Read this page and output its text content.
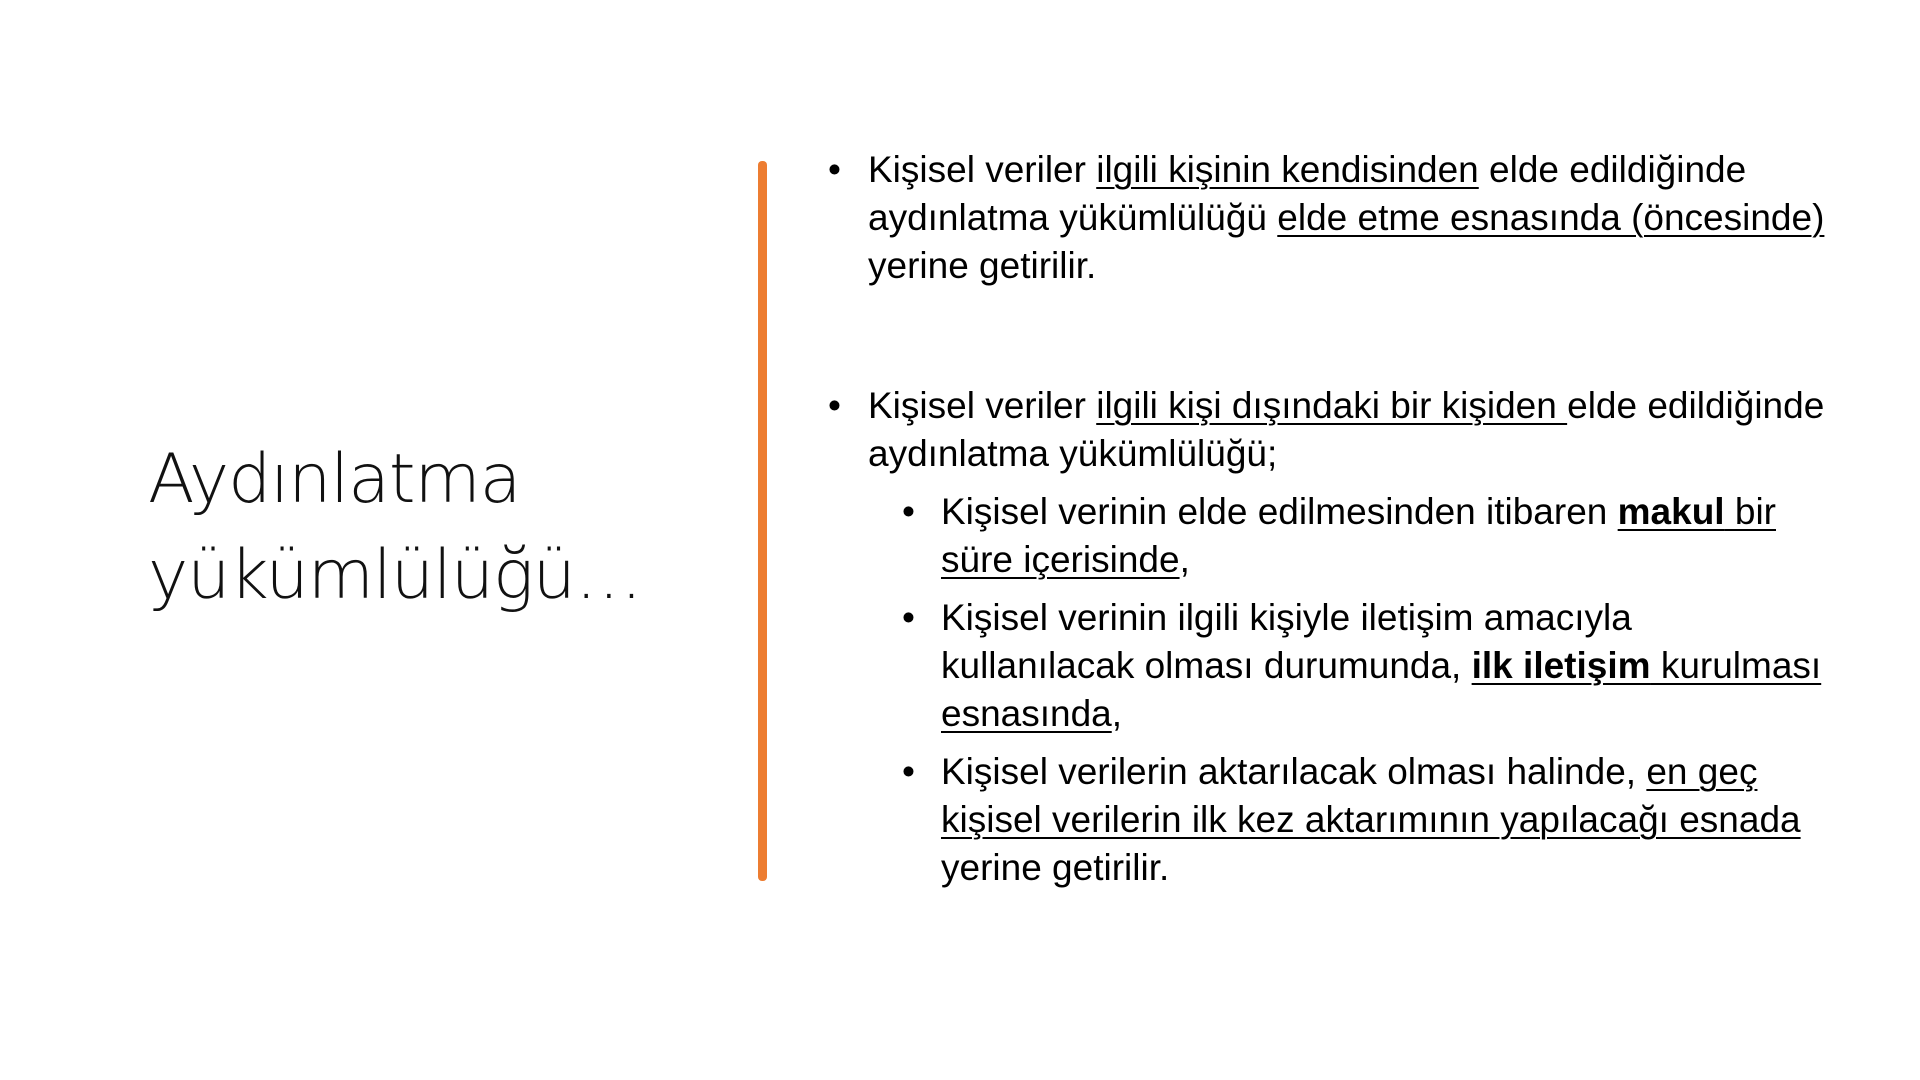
Aydınlatma
yükümlülüğü…
• Kişisel veriler ilgili kişinin kendisinden elde edildiğinde aydınlatma yükümlülüğü elde etme esnasında (öncesinde) yerine getirilir.
• Kişisel veriler ilgili kişi dışındaki bir kişiden elde edildiğinde aydınlatma yükümlülüğü;
• Kişisel verinin elde edilmesinden itibaren makul bir süre içerisinde,
• Kişisel verinin ilgili kişiyle iletişim amacıyla kullanılacak olması durumunda, ilk iletişim kurulması esnasında,
• Kişisel verilerin aktarılacak olması halinde, en geç kişisel verilerin ilk kez aktarımının yapılacağı esnada yerine getirilir.
